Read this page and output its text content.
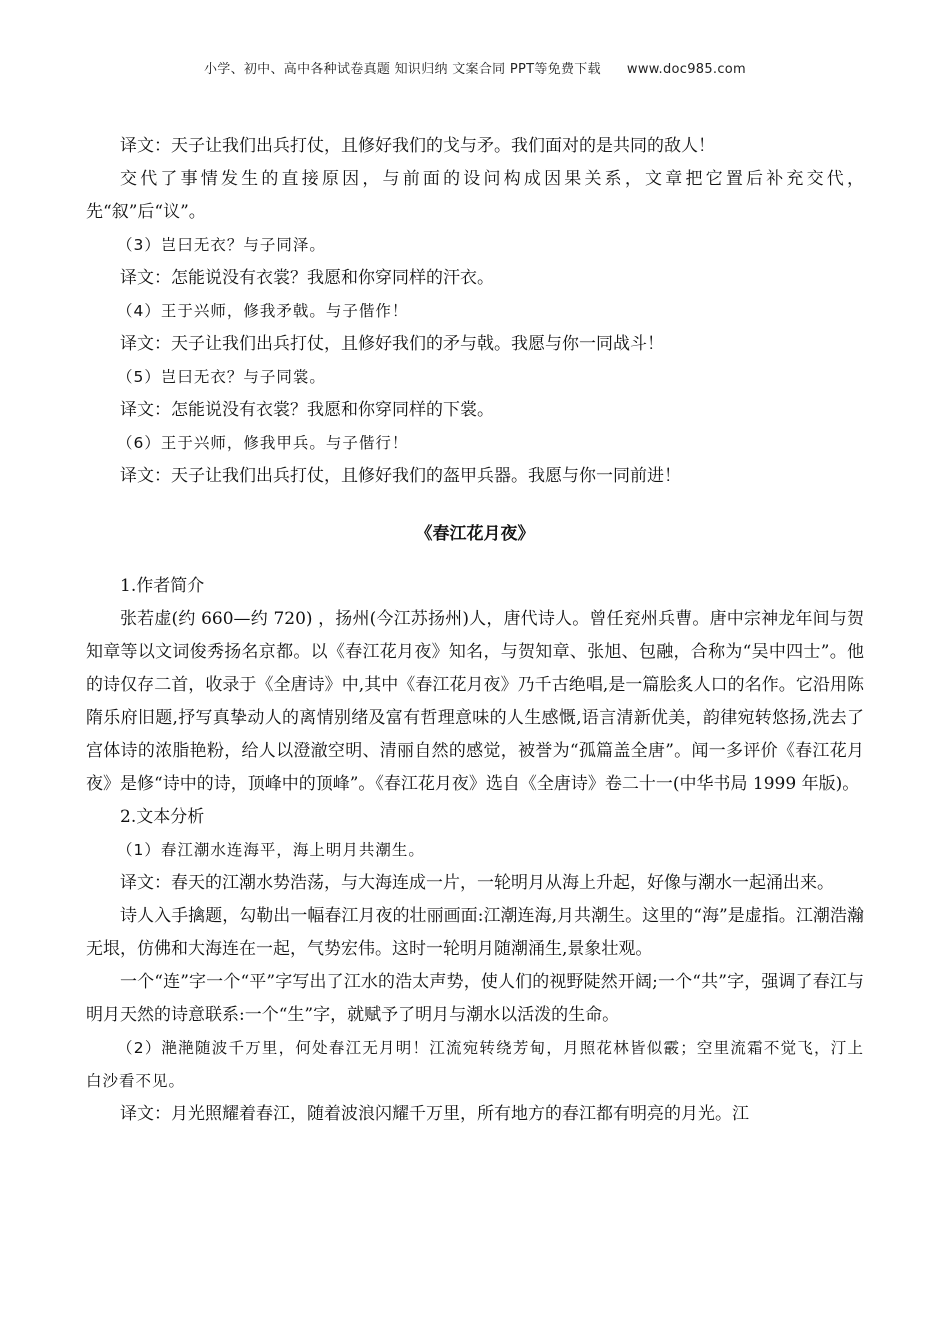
小学、初中、高中各种试卷真题 知识归纳 文案合同 PPT等免费下载 www.doc985.com

译文：天子让我们出兵打仗，且修好我们的戈与矛。我们面对的是共同的敌人！

交代了事情发生的直接原因，与前面的设问构成因果关系，文章把它置后补充交代，先“叙”后“议”。

（3）岂曰无衣？与子同泽。

译文：怎能说没有衣裳？我愿和你穿同样的汗衣。

（4）王于兴师，修我矛戟。与子偕作！

译文：天子让我们出兵打仗，且修好我们的矛与戟。我愿与你一同战斗！

（5）岂曰无衣？与子同裳。

译文：怎能说没有衣裳？我愿和你穿同样的下裳。

（6）王于兴师，修我甲兵。与子偕行！

译文：天子让我们出兵打仗，且修好我们的盔甲兵器。我愿与你一同前进！

《春江花月夜》

1.作者简介

张若虚(约 660—约 720) ，扬州(今江苏扬州)人，唐代诗人。曾任兖州兵曹。唐中宗神龙年间与贺知章等以文词俊秀扬名京都。以《春江花月夜》知名，与贺知章、张旭、包融，合称为“吴中四士”。他的诗仅存二首，收录于《全唐诗》中,其中《春江花月夜》乃千古绝唱,是一篇脍炙人口的名作。它沿用陈隋乐府旧题,抒写真挚动人的离情别绪及富有哲理意味的人生感慨,语言清新优美，韵律宛转悠扬,洗去了宫体诗的浓脂艳粉，给人以澄澈空明、清丽自然的感觉，被誉为“孤篇盖全唐”。闻一多评价《春江花月夜》是修“诗中的诗，顶峰中的顶峰”。《春江花月夜》选自《全唐诗》卷二十一(中华书局 1999 年版)。

2.文本分析

（1）春江潮水连海平，海上明月共潮生。

译文：春天的江潮水势浩荡，与大海连成一片，一轮明月从海上升起，好像与潮水一起涌出来。

诗人入手擒题，勾勒出一幅春江月夜的壮丽画面:江潮连海,月共潮生。这里的“海”是虚指。江潮浩瀚无垠，仿佛和大海连在一起，气势宏伟。这时一轮明月随潮涌生,景象壮观。

一个“连”字一个“平”字写出了江水的浩太声势，使人们的视野陡然开阔;一个“共”字，强调了春江与明月天然的诗意联系:一个“生”字，就赋予了明月与潮水以活泼的生命。

（2）滟滟随波千万里，何处春江无月明！江流宛转绕芳甸，月照花林皆似霰；空里流霜不觉飞，汀上白沙看不见。

译文：月光照耀着春江，随着波浪闪耀千万里，所有地方的春江都有明亮的月光。江
